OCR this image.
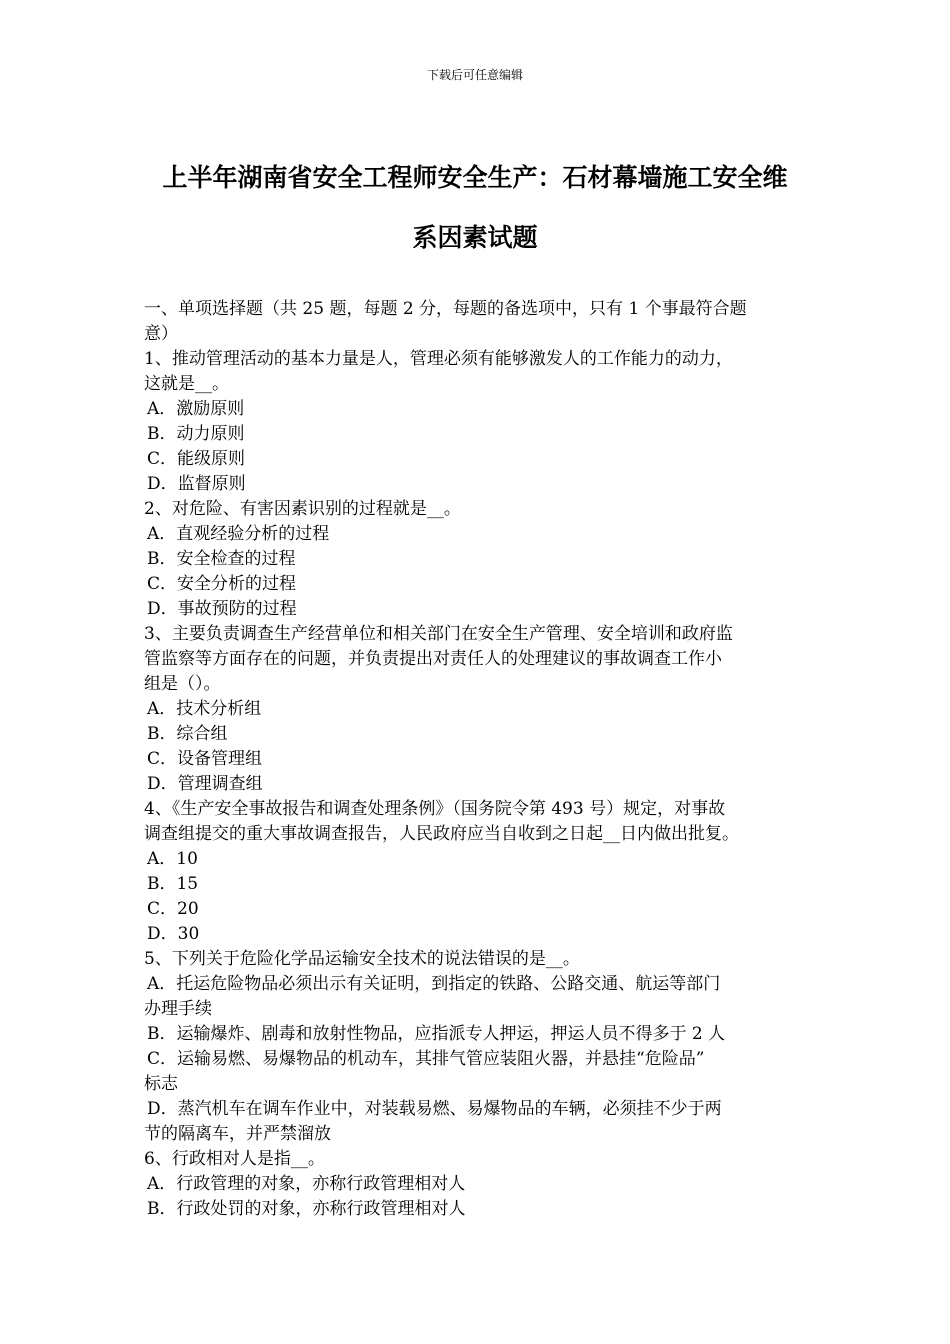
下载后可任意编辑
上半年湖南省安全工程师安全生产：石材幕墙施工安全维
系因素试题
一、单项选择题（共 25 题，每题 2 分，每题的备选项中，只有 1 个事最符合题
意）
1、推动管理活动的基本力量是人，管理必须有能够激发人的工作能力的动力，
这就是__。
A．激励原则
B．动力原则
C．能级原则
D．监督原则
2、对危险、有害因素识别的过程就是__。
A．直观经验分析的过程
B．安全检查的过程
C．安全分析的过程
D．事故预防的过程
3、主要负责调查生产经营单位和相关部门在安全生产管理、安全培训和政府监
管监察等方面存在的问题，并负责提出对责任人的处理建议的事故调查工作小
组是（）。
A．技术分析组
B．综合组
C．设备管理组
D．管理调查组
4、《生产安全事故报告和调查处理条例》（国务院令第 493 号）规定，对事故
调查组提交的重大事故调查报告，人民政府应当自收到之日起__日内做出批复。
A．10
B．15
C．20
D．30
5、下列关于危险化学品运输安全技术的说法错误的是__。
A．托运危险物品必须出示有关证明，到指定的铁路、公路交通、航运等部门
办理手续
B．运输爆炸、剧毒和放射性物品，应指派专人押运，押运人员不得多于 2 人
C．运输易燃、易爆物品的机动车，其排气管应装阻火器，并悬挂“危险品”
标志
D．蒸汽机车在调车作业中，对装载易燃、易爆物品的车辆，必须挂不少于两
节的隔离车，并严禁溜放
6、行政相对人是指__。
A．行政管理的对象，亦称行政管理相对人
B．行政处罚的对象，亦称行政管理相对人
